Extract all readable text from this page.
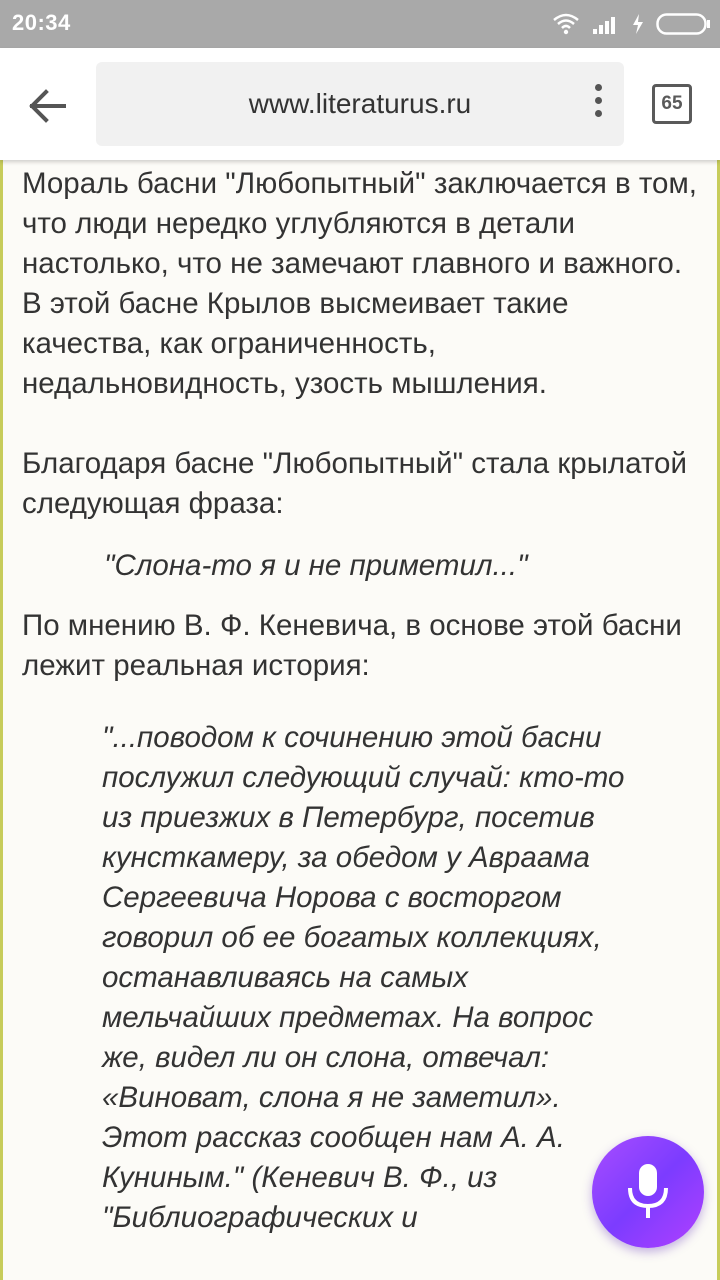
20:34
www.literaturus.ru	65

Мораль басни "Любопытный" заключается в том, что люди нередко углубляются в детали настолько, что не замечают главного и важного. В этой басне Крылов высмеивает такие качества, как ограниченность, недальновидность, узость мышления.

Благодаря басне "Любопытный" стала крылатой следующая фраза:

"Слона-то я и не приметил..."

По мнению В. Ф. Кеневича, в основе этой басни лежит реальная история:

"...поводом к сочинению этой басни послужил следующий случай: кто-то из приезжих в Петербург, посетив кунсткамеру, за обедом у Авраама Сергеевича Норова с восторгом говорил об ее богатых коллекциях, останавливаясь на самых мельчайших предметах. На вопрос же, видел ли он слона, отвечал: «Виноват, слона я не заметил». Этот рассказ сообщен нам А. А. Куниным." (Кеневич В. Ф., из "Библиографических и
